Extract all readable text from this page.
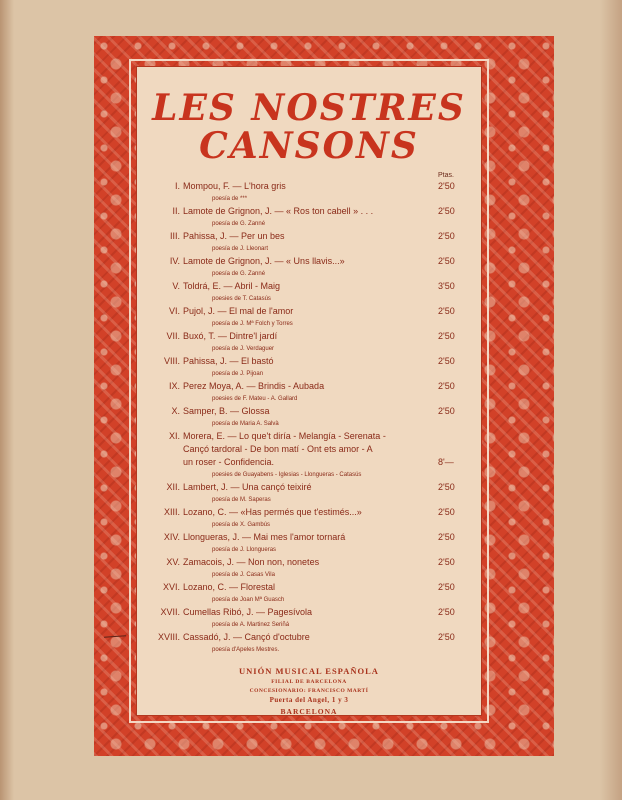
LES NOSTRES
CANSONS
Ptas.
I. Mompou, F. — L'hora gris	2'50
poesía de ***
II. Lamote de Grignon, J. — « Ros ton cabell » . . .	2'50
poesía de G. Zanné
III. Pahissa, J. — Per un bes	2'50
poesía de J. Lleonart
IV. Lamote de Grignon, J. — « Uns llavis...»	2'50
poesía de G. Zanné
V. Toldrá, E. — Abril - Maig	3'50
poesies de T. Catasús
VI. Pujol, J. — El mal de l'amor	2'50
poesía de J. Mª Folch y Torres
VII. Buxó, T. — Dintre'l jardí	2'50
poesía de J. Verdaguer
VIII. Pahissa, J. — El bastó	2'50
poesía de J. Pijoan
IX. Perez Moya, A. — Brindis - Aubada	2'50
poesies de F. Mateu - A. Gallard
X. Samper, B. — Glossa	2'50
poesía de Maria A. Salvà
XI. Morera, E. — Lo que't diría - Melangía - Serenata -
Cançó tardoral - De bon matí - Ont ets amor - A
un roser - Confidencia.	8'—
poesies de Guayabens - Iglesias - Llongueras - Catasús
XII. Lambert, J. — Una cançó teixiré	2'50
poesía de M. Saperas
XIII. Lozano, C. — «Has permés que t'estimés...»	2'50
poesía de X. Gambús
XIV. Llongueras, J. — Mai mes l'amor tornará	2'50
poesía de J. Llongueras
XV. Zamacois, J. — Non non, nonetes	2'50
poesía de J. Casas Vila
XVI. Lozano, C. — Florestal	2'50
poesía de Joan Mª Guasch
XVII. Cumellas Ribó, J. — Pagesívola	2'50
poesía de A. Martinez Seriñá
XVIII. Cassadó, J. — Cançó d'octubre	2'50
poesía d'Apeles Mestres.
UNIÓN MUSICAL ESPAÑOLA
FILIAL DE BARCELONA
CONCESIONARIO: FRANCISCO MARTÍ
Puerta del Angel, 1 y 3
BARCELONA
